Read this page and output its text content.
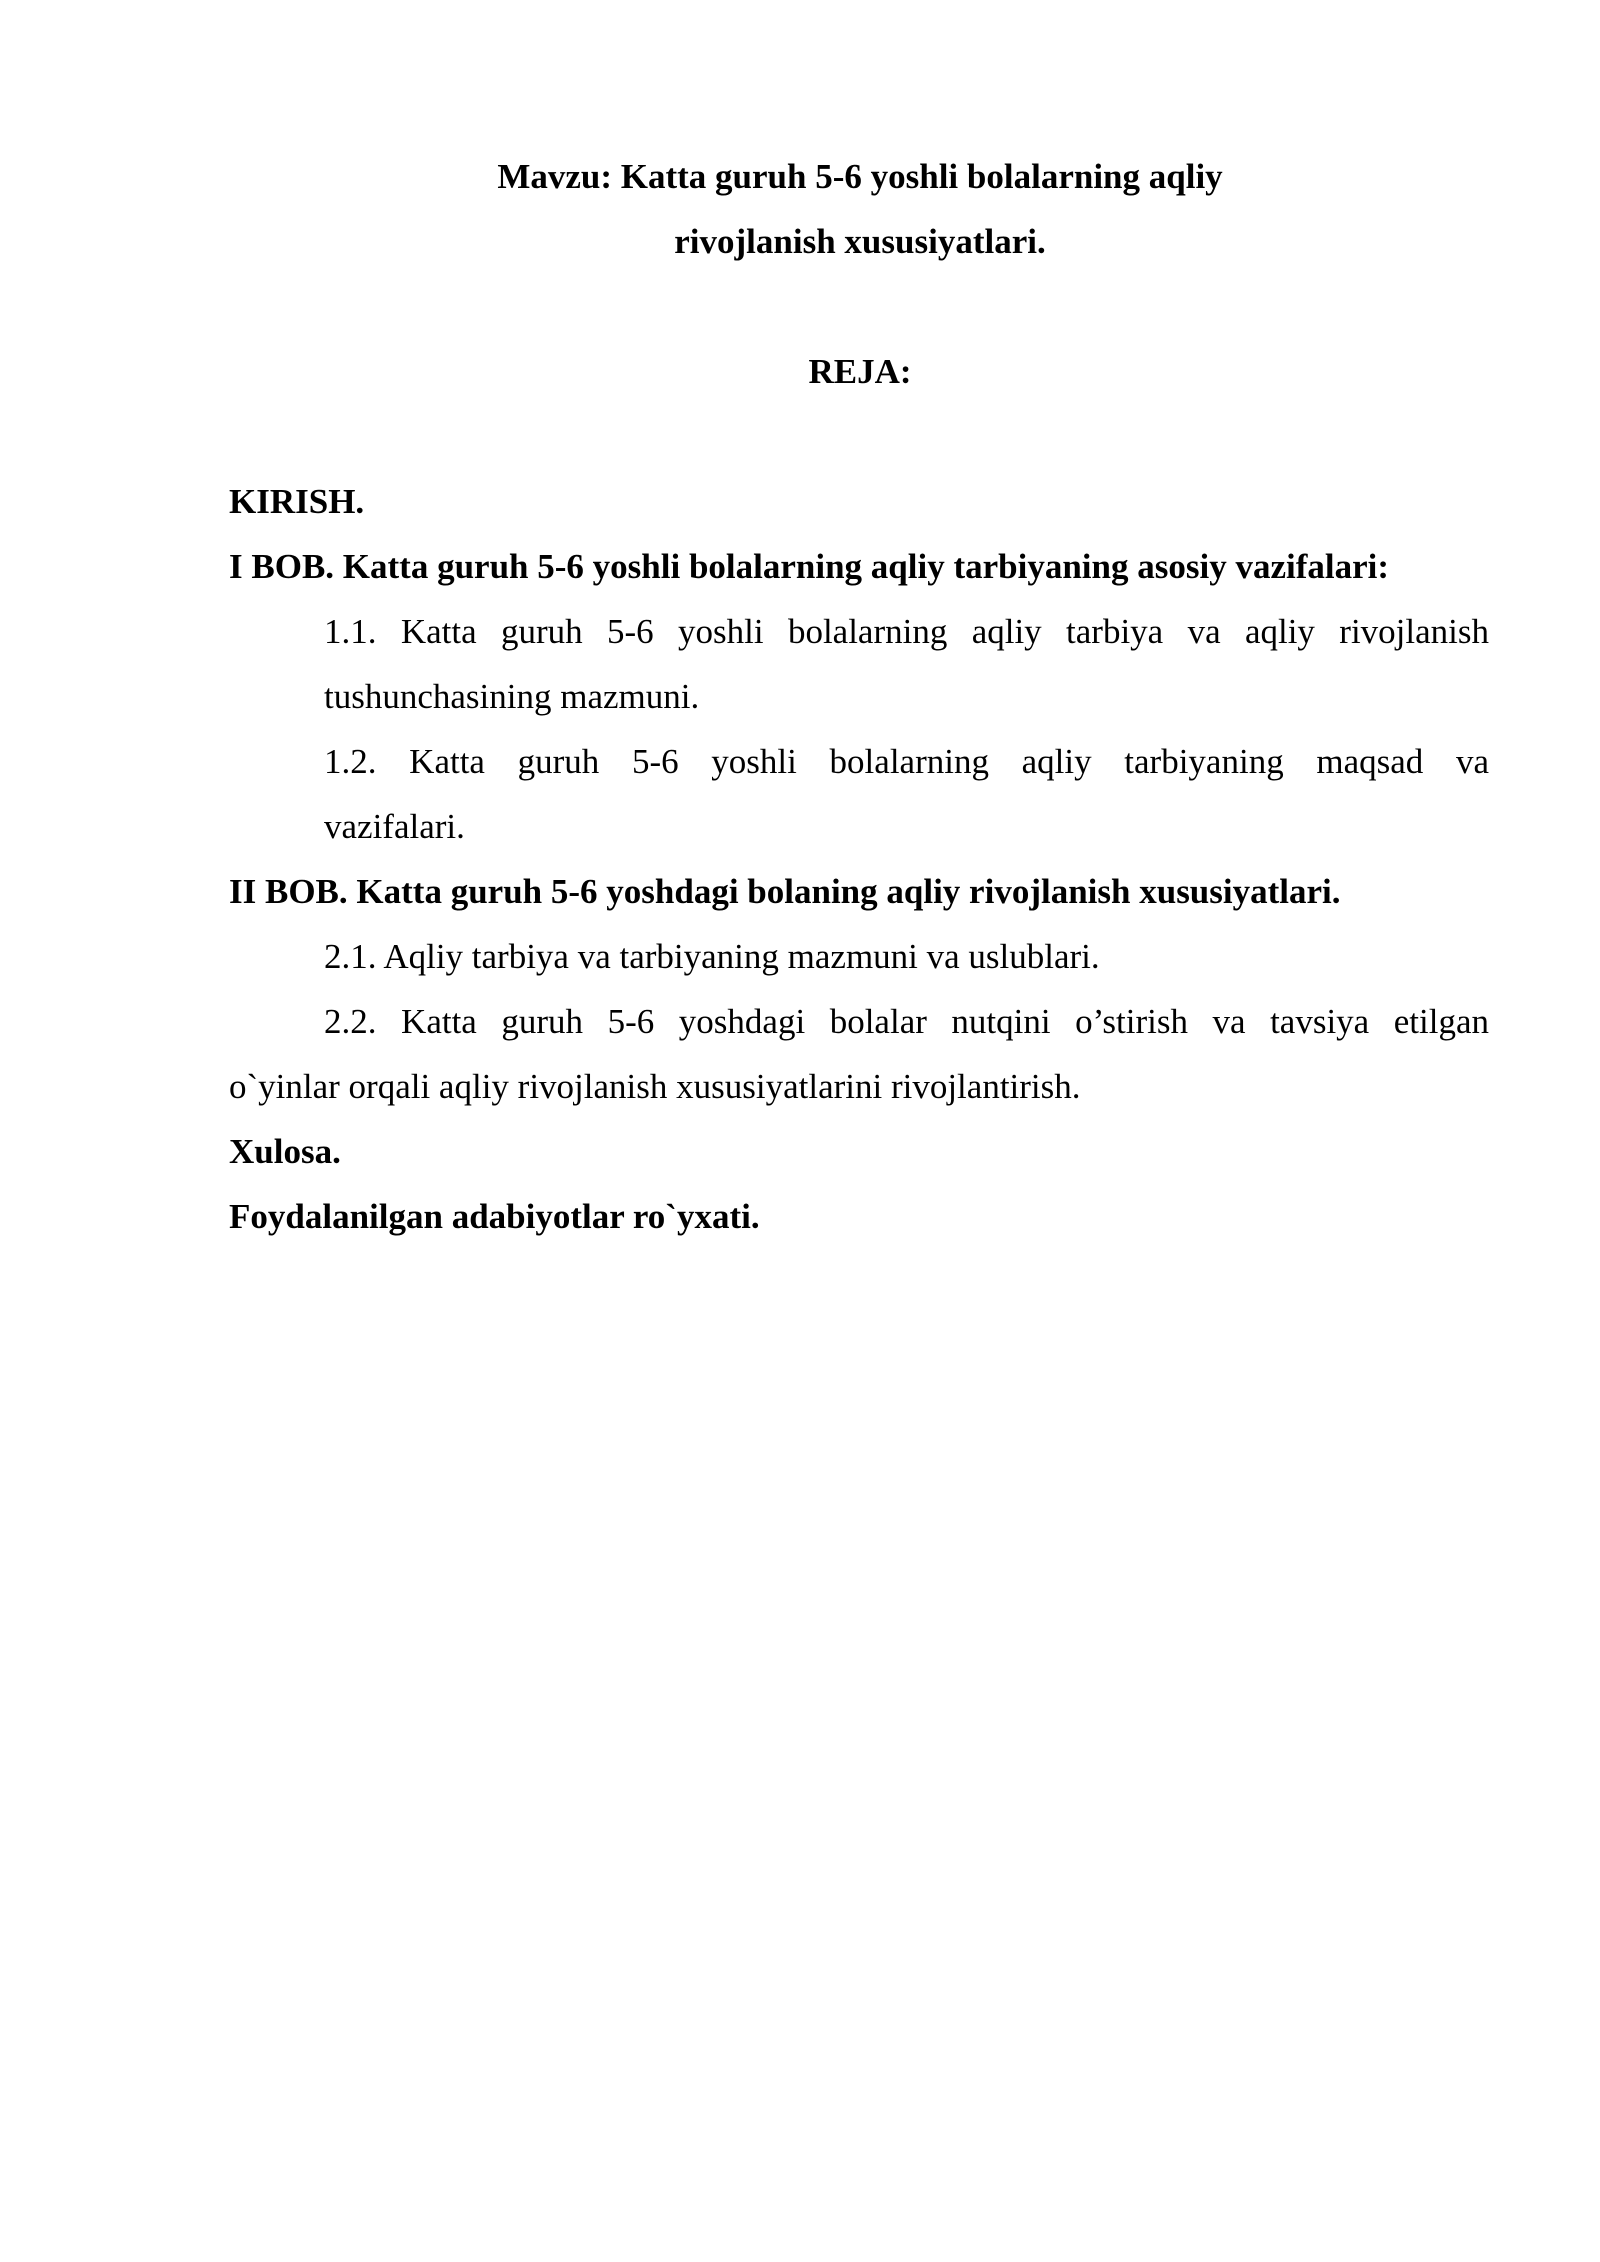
Mavzu: Katta guruh 5-6 yoshli bolalarning aqliy
rivojlanish xususiyatlari.
REJA:

KIRISH.

I BOB. Katta guruh 5-6 yoshli bolalarning aqliy tarbiyaning asosiy vazifalari:

1.1. Katta guruh 5-6 yoshli bolalarning aqliy tarbiya va aqliy rivojlanish

tushunchasining mazmuni.

1.2. Katta guruh 5-6 yoshli bolalarning aqliy tarbiyaning maqsad va

vazifalari.

II BOB. Katta guruh 5-6 yoshdagi bolaning aqliy rivojlanish xususiyatlari.

2.1. Aqliy tarbiya va tarbiyaning mazmuni va uslublari.

2.2. Katta guruh 5-6 yoshdagi bolalar nutqini o’stirish va tavsiya etilgan

o`yinlar orqali aqliy rivojlanish xususiyatlarini rivojlantirish.

Xulosa.

Foydalanilgan adabiyotlar ro`yxati.
